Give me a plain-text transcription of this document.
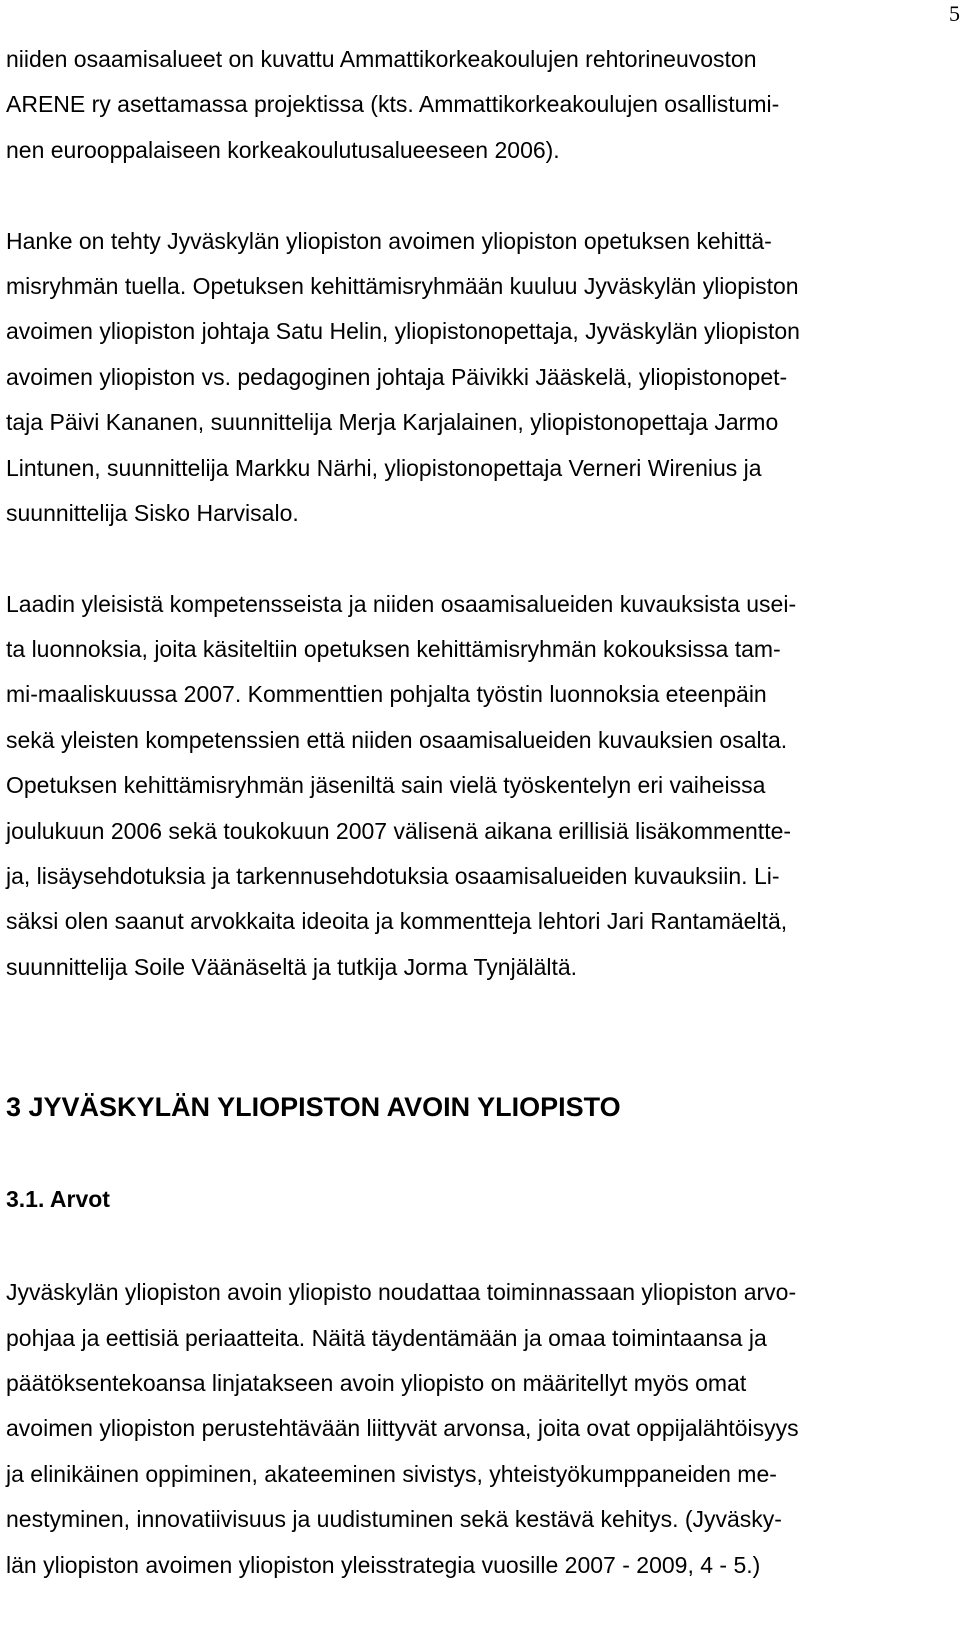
5
niiden osaamisalueet on kuvattu Ammattikorkeakoulujen rehtorineuvoston
ARENE ry asettamassa projektissa (kts. Ammattikorkeakoulujen osallistumi-
nen eurooppalaiseen korkeakoulutusalueeseen 2006).
Hanke on tehty Jyväskylän yliopiston avoimen yliopiston opetuksen kehittä-
misryhmän tuella. Opetuksen kehittämisryhmään kuuluu Jyväskylän yliopiston
avoimen yliopiston johtaja Satu Helin, yliopistonopettaja, Jyväskylän yliopiston
avoimen yliopiston vs. pedagoginen johtaja Päivikki Jääskelä, yliopistonopet-
taja Päivi Kananen, suunnittelija Merja Karjalainen, yliopistonopettaja Jarmo
Lintunen, suunnittelija Markku Närhi, yliopistonopettaja Verneri Wirenius ja
suunnittelija Sisko Harvisalo.
Laadin yleisistä kompetensseista ja niiden osaamisalueiden kuvauksista usei-
ta luonnoksia, joita käsiteltiin opetuksen kehittämisryhmän kokouksissa tam-
mi-maaliskuussa 2007. Kommenttien pohjalta työstin luonnoksia eteenpäin
sekä yleisten kompetenssien että niiden osaamisalueiden kuvauksien osalta.
Opetuksen kehittämisryhmän jäseniltä sain vielä työskentelyn eri vaiheissa
joulukuun 2006 sekä toukokuun 2007 välisenä aikana erillisiä lisäkommentte-
ja, lisäysehdotuksia ja tarkennusehdotuksia osaamisalueiden kuvauksiin. Li-
säksi olen saanut arvokkaita ideoita ja kommentteja lehtori Jari Rantamäeltä,
suunnittelija Soile Väänäseltä ja tutkija Jorma Tynjälältä.
3 JYVÄSKYLÄN YLIOPISTON AVOIN YLIOPISTO
3.1. Arvot
Jyväskylän yliopiston avoin yliopisto noudattaa toiminnassaan yliopiston arvo-
pohjaa ja eettisiä periaatteita. Näitä täydentämään ja omaa toimintaansa ja
päätöksentekoansa linjatakseen avoin yliopisto on määritellyt myös omat
avoimen yliopiston perustehtävään liittyvät arvonsa, joita ovat oppijalähtöisyys
ja elinikäinen oppiminen, akateeminen sivistys, yhteistyökumppaneiden me-
nestyminen, innovatiivisuus ja uudistuminen sekä kestävä kehitys. (Jyväsky-
län yliopiston avoimen yliopiston yleisstrategia vuosille 2007 - 2009, 4 - 5.)
